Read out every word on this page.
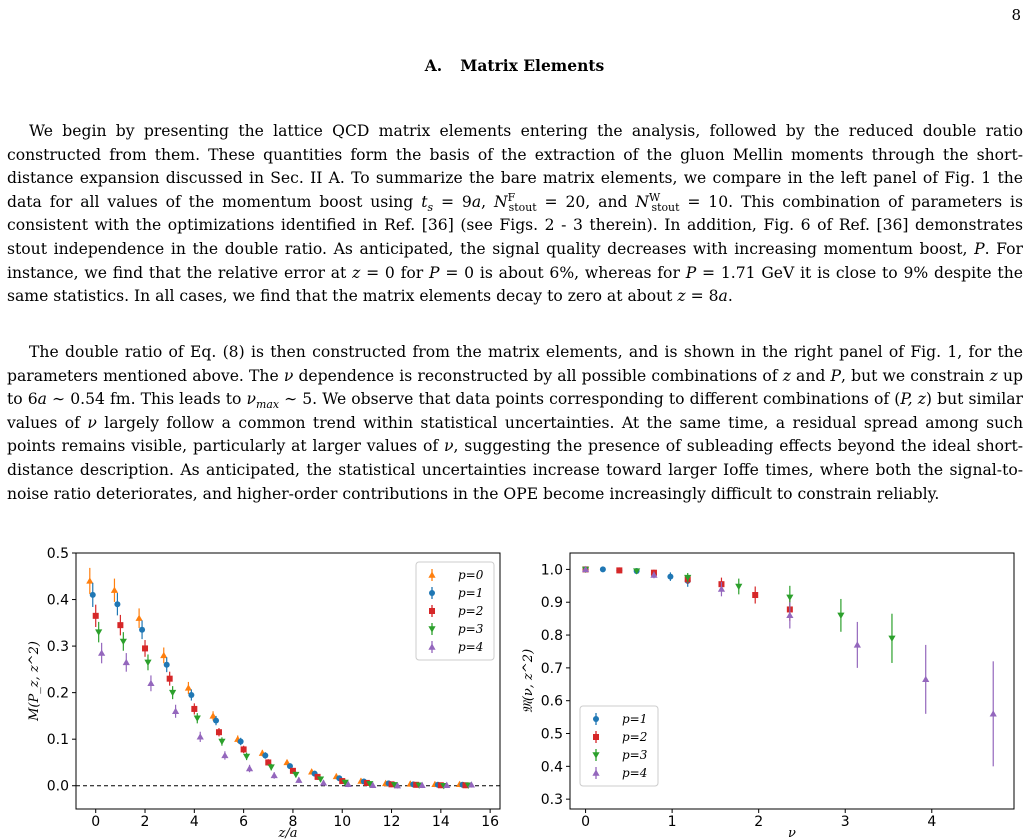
8
A. Matrix Elements

We begin by presenting the lattice QCD matrix elements entering the analysis, followed by the reduced double ratio constructed from them. These quantities form the basis of the extraction of the gluon Mellin moments through the short-distance expansion discussed in Sec. II A. To summarize the bare matrix elements, we compare in the left panel of Fig. 1 the data for all values of the momentum boost using $t_s = 9a$, $N^F_{stout} = 20$, and $N^W_{stout} = 10$. This combination of parameters is consistent with the optimizations identified in Ref. [36] (see Figs. 2 - 3 therein). In addition, Fig. 6 of Ref. [36] demonstrates stout independence in the double ratio. As anticipated, the signal quality decreases with increasing momentum boost, P. For instance, we find that the relative error at z = 0 for P = 0 is about 6%, whereas for P = 1.71 GeV it is close to 9% despite the same statistics. In all cases, we find that the matrix elements decay to zero at about z = 8a.

The double ratio of Eq. (8) is then constructed from the matrix elements, and is shown in the right panel of Fig. 1, for the parameters mentioned above. The ν dependence is reconstructed by all possible combinations of z and P, but we constrain z up to 6a ∼ 0.54 fm. This leads to $\nu_{max}$ ∼ 5. We observe that data points corresponding to different combinations of (P, z) but similar values of ν largely follow a common trend within statistical uncertainties. At the same time, a residual spread among such points remains visible, particularly at larger values of ν, suggesting the presence of subleading effects beyond the ideal short-distance description. As anticipated, the statistical uncertainties increase toward larger Ioffe times, where both the signal-to-noise ratio deteriorates, and higher-order contributions in the OPE become increasingly difficult to constrain reliably.

0	2	4	6	8	10 12 14 16
0.0
0.1
0.2
0.3
0.4
0.5
p=0
p=1
p=2
p=3
p=4
z/a
M(P_z, z^2)
0	1	2	3	4
0.3
0.4
0.5
0.6
0.7
0.8
0.9
1.0
p=1
p=2
p=3
p=4
ν
𝔐(ν, z^2)
